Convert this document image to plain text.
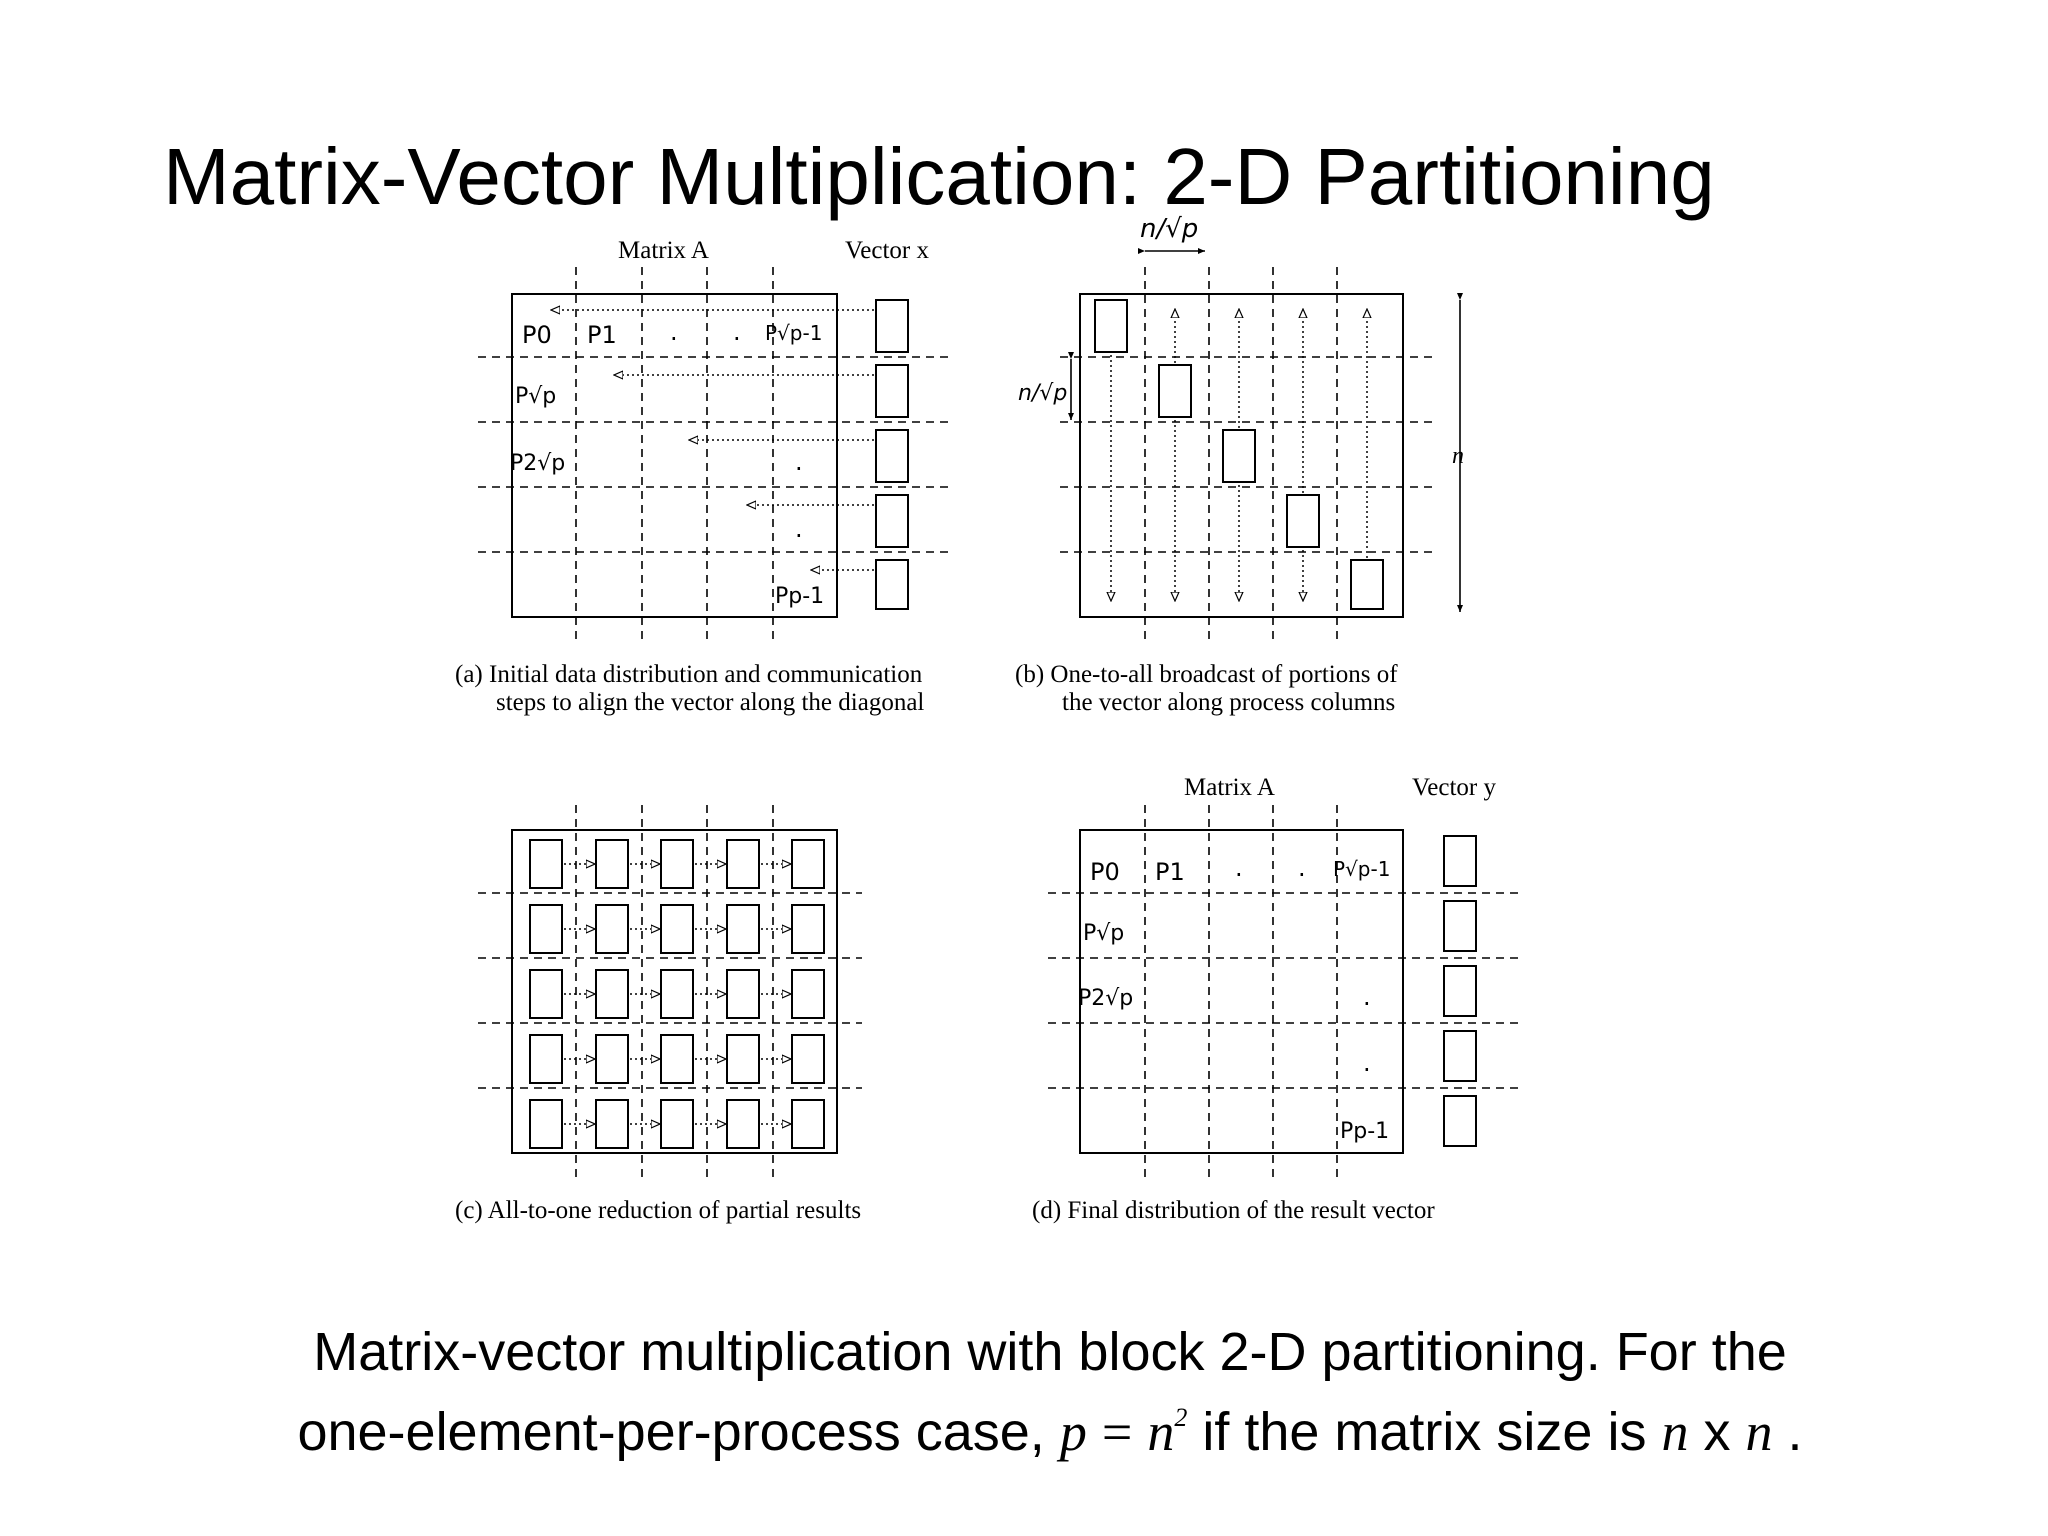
Matrix-Vector Multiplication: 2-D Partitioning
Matrix A	Vector x
P0 P1 . . P√p-1
P√p
P2√p	.
.
Pp-1
(a) Initial data distribution and communication
steps to align the vector along the diagonal
n/√p
n/√p
n
(b) One-to-all broadcast of portions of
the vector along process columns
(c) All-to-one reduction of partial results
Matrix A	Vector y
P0 P1 . . P√p-1
P√p
P2√p	.
.
Pp-1
(d) Final distribution of the result vector
Matrix-vector multiplication with block 2-D partitioning. For the
one-element-per-process case, $p = n^2$ if the matrix size is n x n .
